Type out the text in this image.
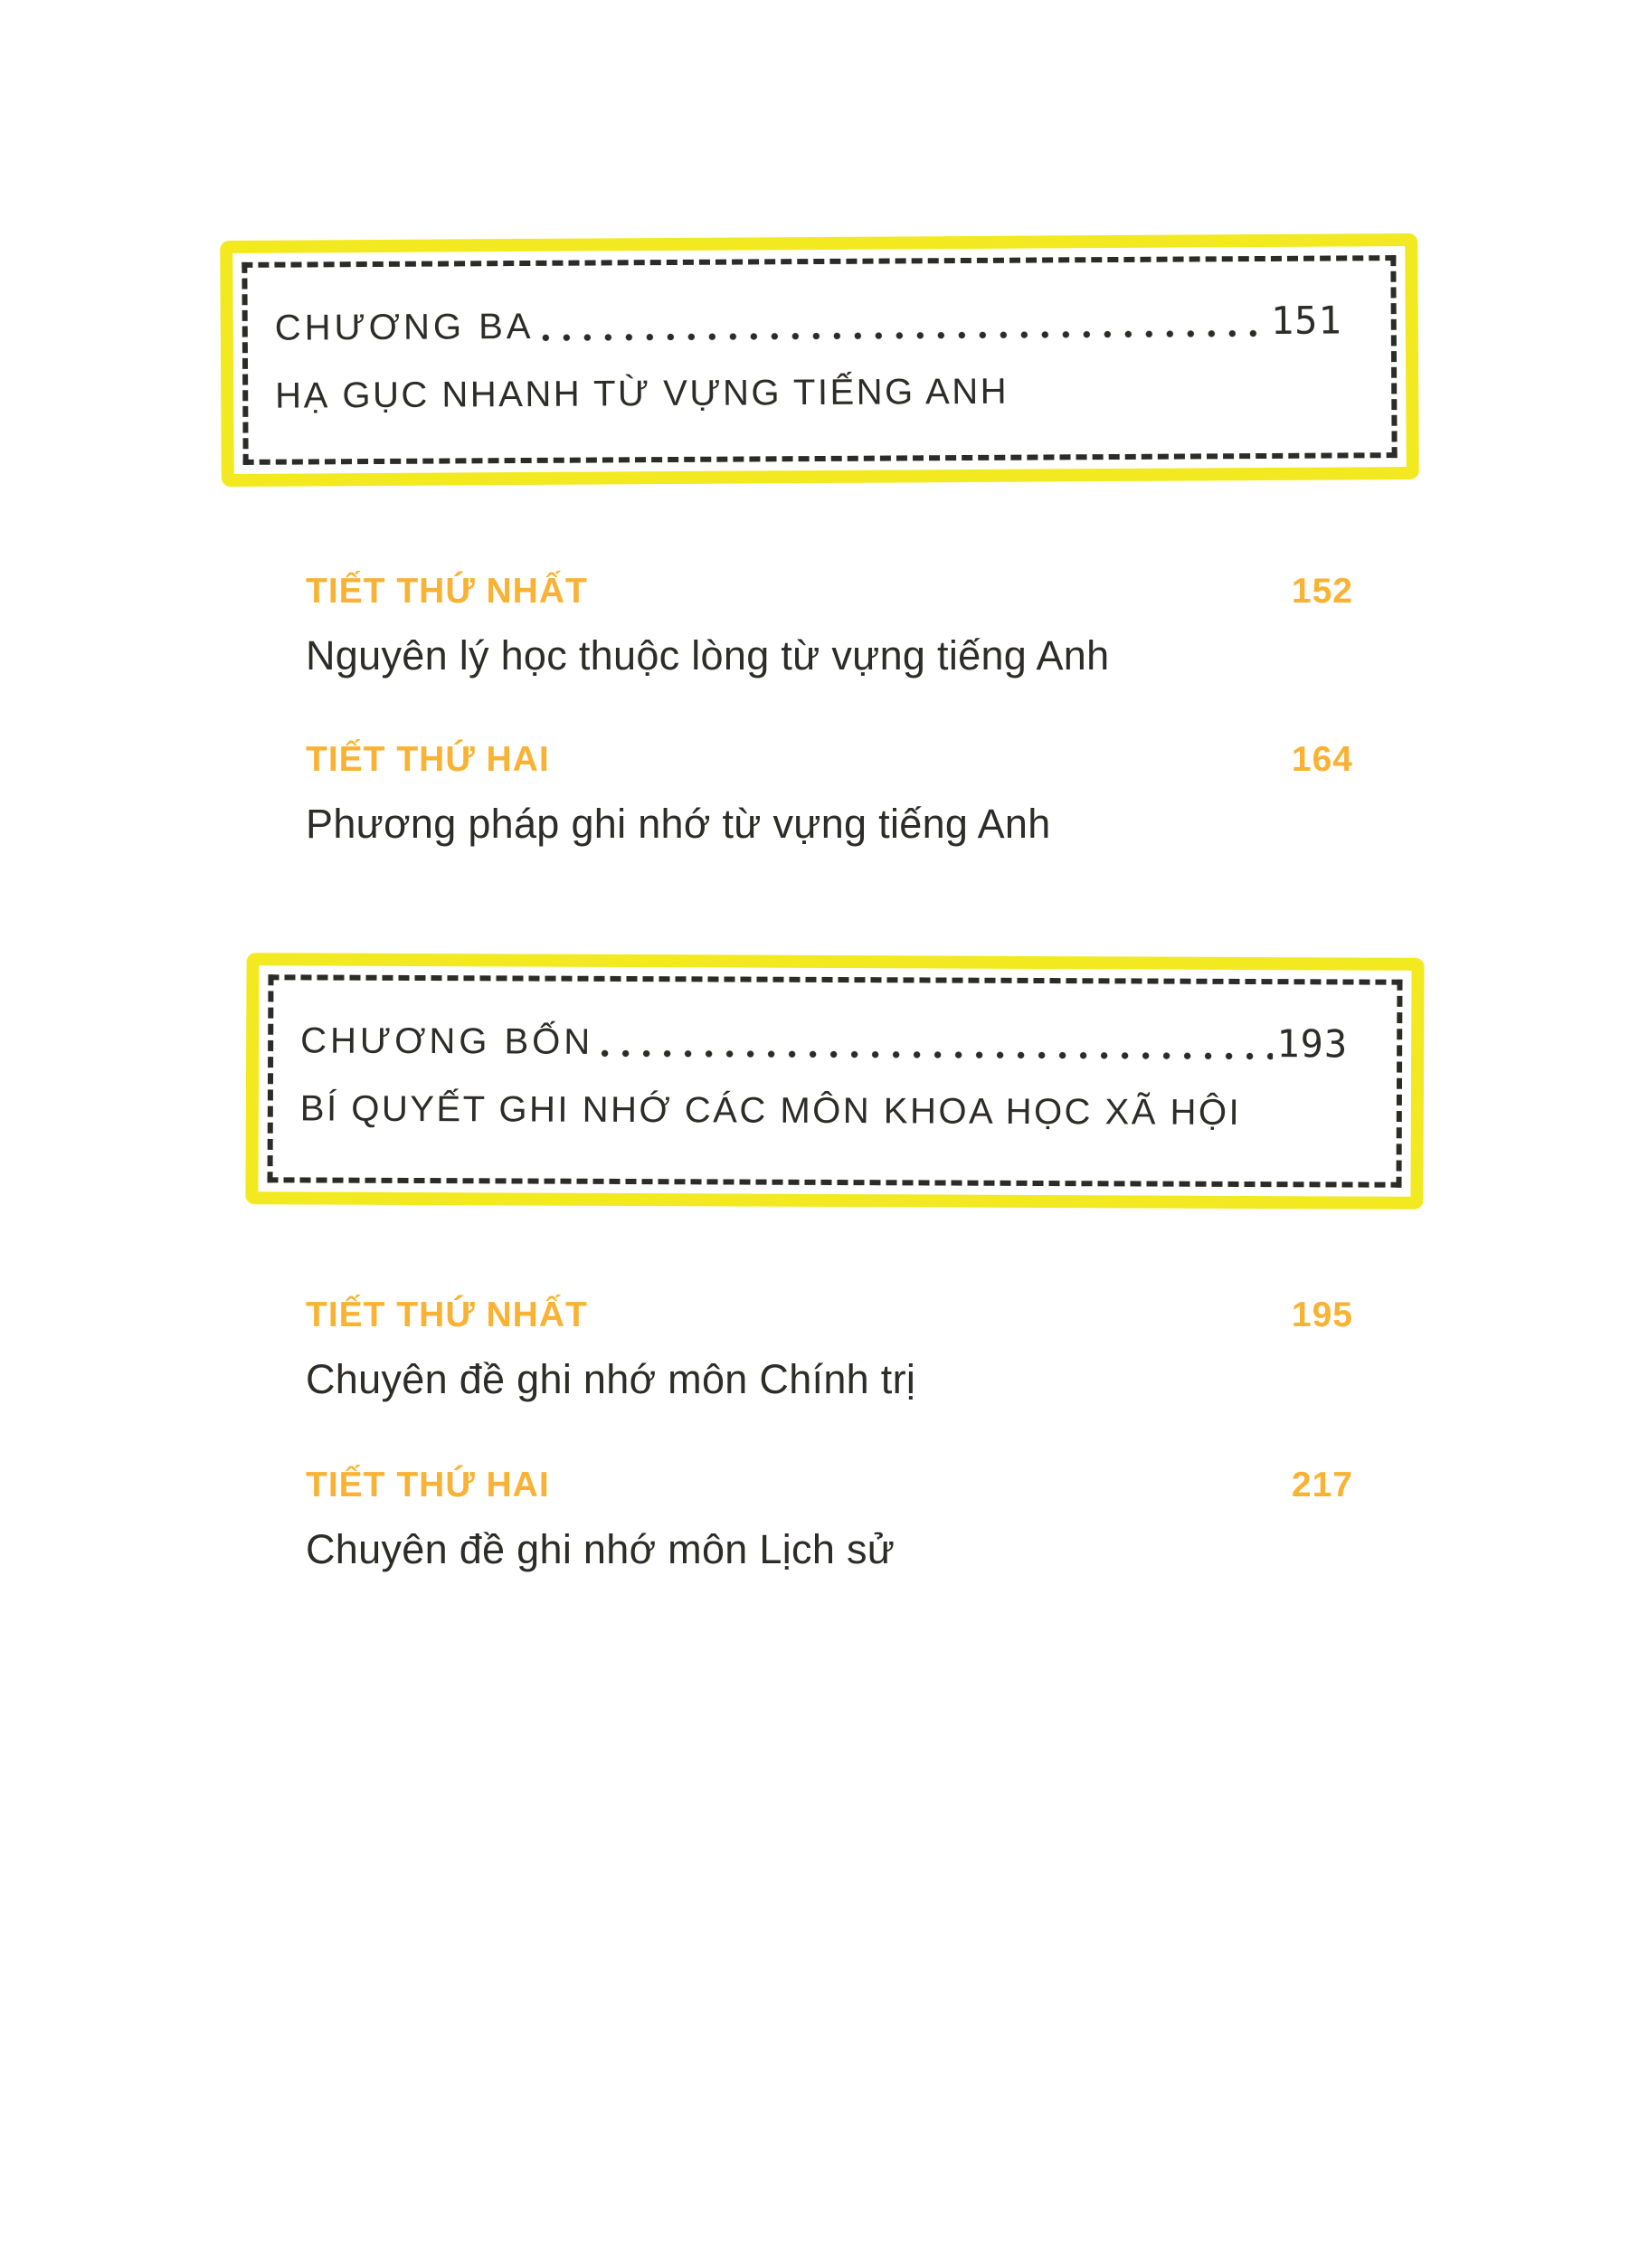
CHƯƠNG BA	151
HẠ GỤC NHANH TỪ VỰNG TIẾNG ANH
TIẾT THỨ NHẤT	152
Nguyên lý học thuộc lòng từ vựng tiếng Anh
TIẾT THỨ HAI	164
Phương pháp ghi nhớ từ vựng tiếng Anh
CHƯƠNG BỐN	193
BÍ QUYẾT GHI NHỚ CÁC MÔN KHOA HỌC XÃ HỘI
TIẾT THỨ NHẤT	195
Chuyên đề ghi nhớ môn Chính trị
TIẾT THỨ HAI	217
Chuyên đề ghi nhớ môn Lịch sử
